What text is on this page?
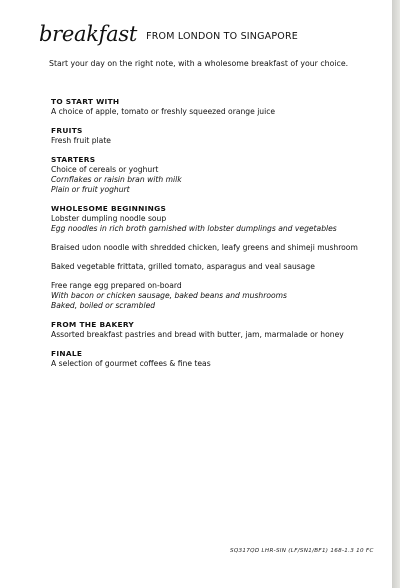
breakfast FROM LONDON TO SINGAPORE
Start your day on the right note, with a wholesome breakfast of your choice.
TO START WITH
A choice of apple, tomato or freshly squeezed orange juice
FRUITS
Fresh fruit plate
STARTERS
Choice of cereals or yoghurt
Cornflakes or raisin bran with milk
Plain or fruit yoghurt
WHOLESOME BEGINNINGS
Lobster dumpling noodle soup
Egg noodles in rich broth garnished with lobster dumplings and vegetables
Braised udon noodle with shredded chicken, leafy greens and shimeji mushroom
Baked vegetable frittata, grilled tomato, asparagus and veal sausage
Free range egg prepared on-board
With bacon or chicken sausage, baked beans and mushrooms
Baked, boiled or scrambled
FROM THE BAKERY
Assorted breakfast pastries and bread with butter, jam, marmalade or honey
FINALE
A selection of gourmet coffees & fine teas
SQ317QD LHR-SIN (LF/SN1/BF1) 168-1.3 10 FC
